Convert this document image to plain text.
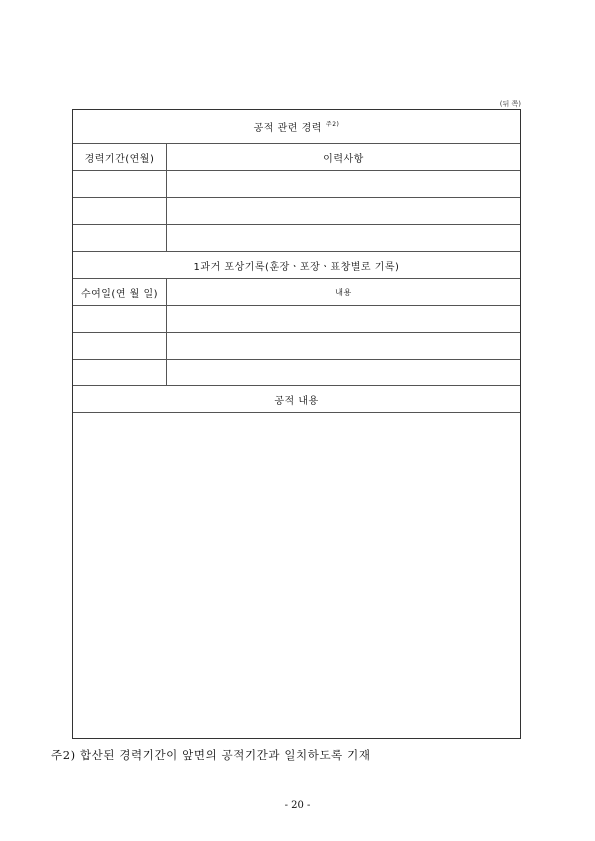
(뒤 쪽)
공적 관련 경력 $^{주2)}$
경력기간(연월)	이력사항
1과거 포상기록(훈장ㆍ포장ㆍ표창별로 기록)
수여일(연 월 일)	내용
공적 내용
주2) 합산된 경력기간이 앞면의 공적기간과 일치하도록 기재
- 20 -
